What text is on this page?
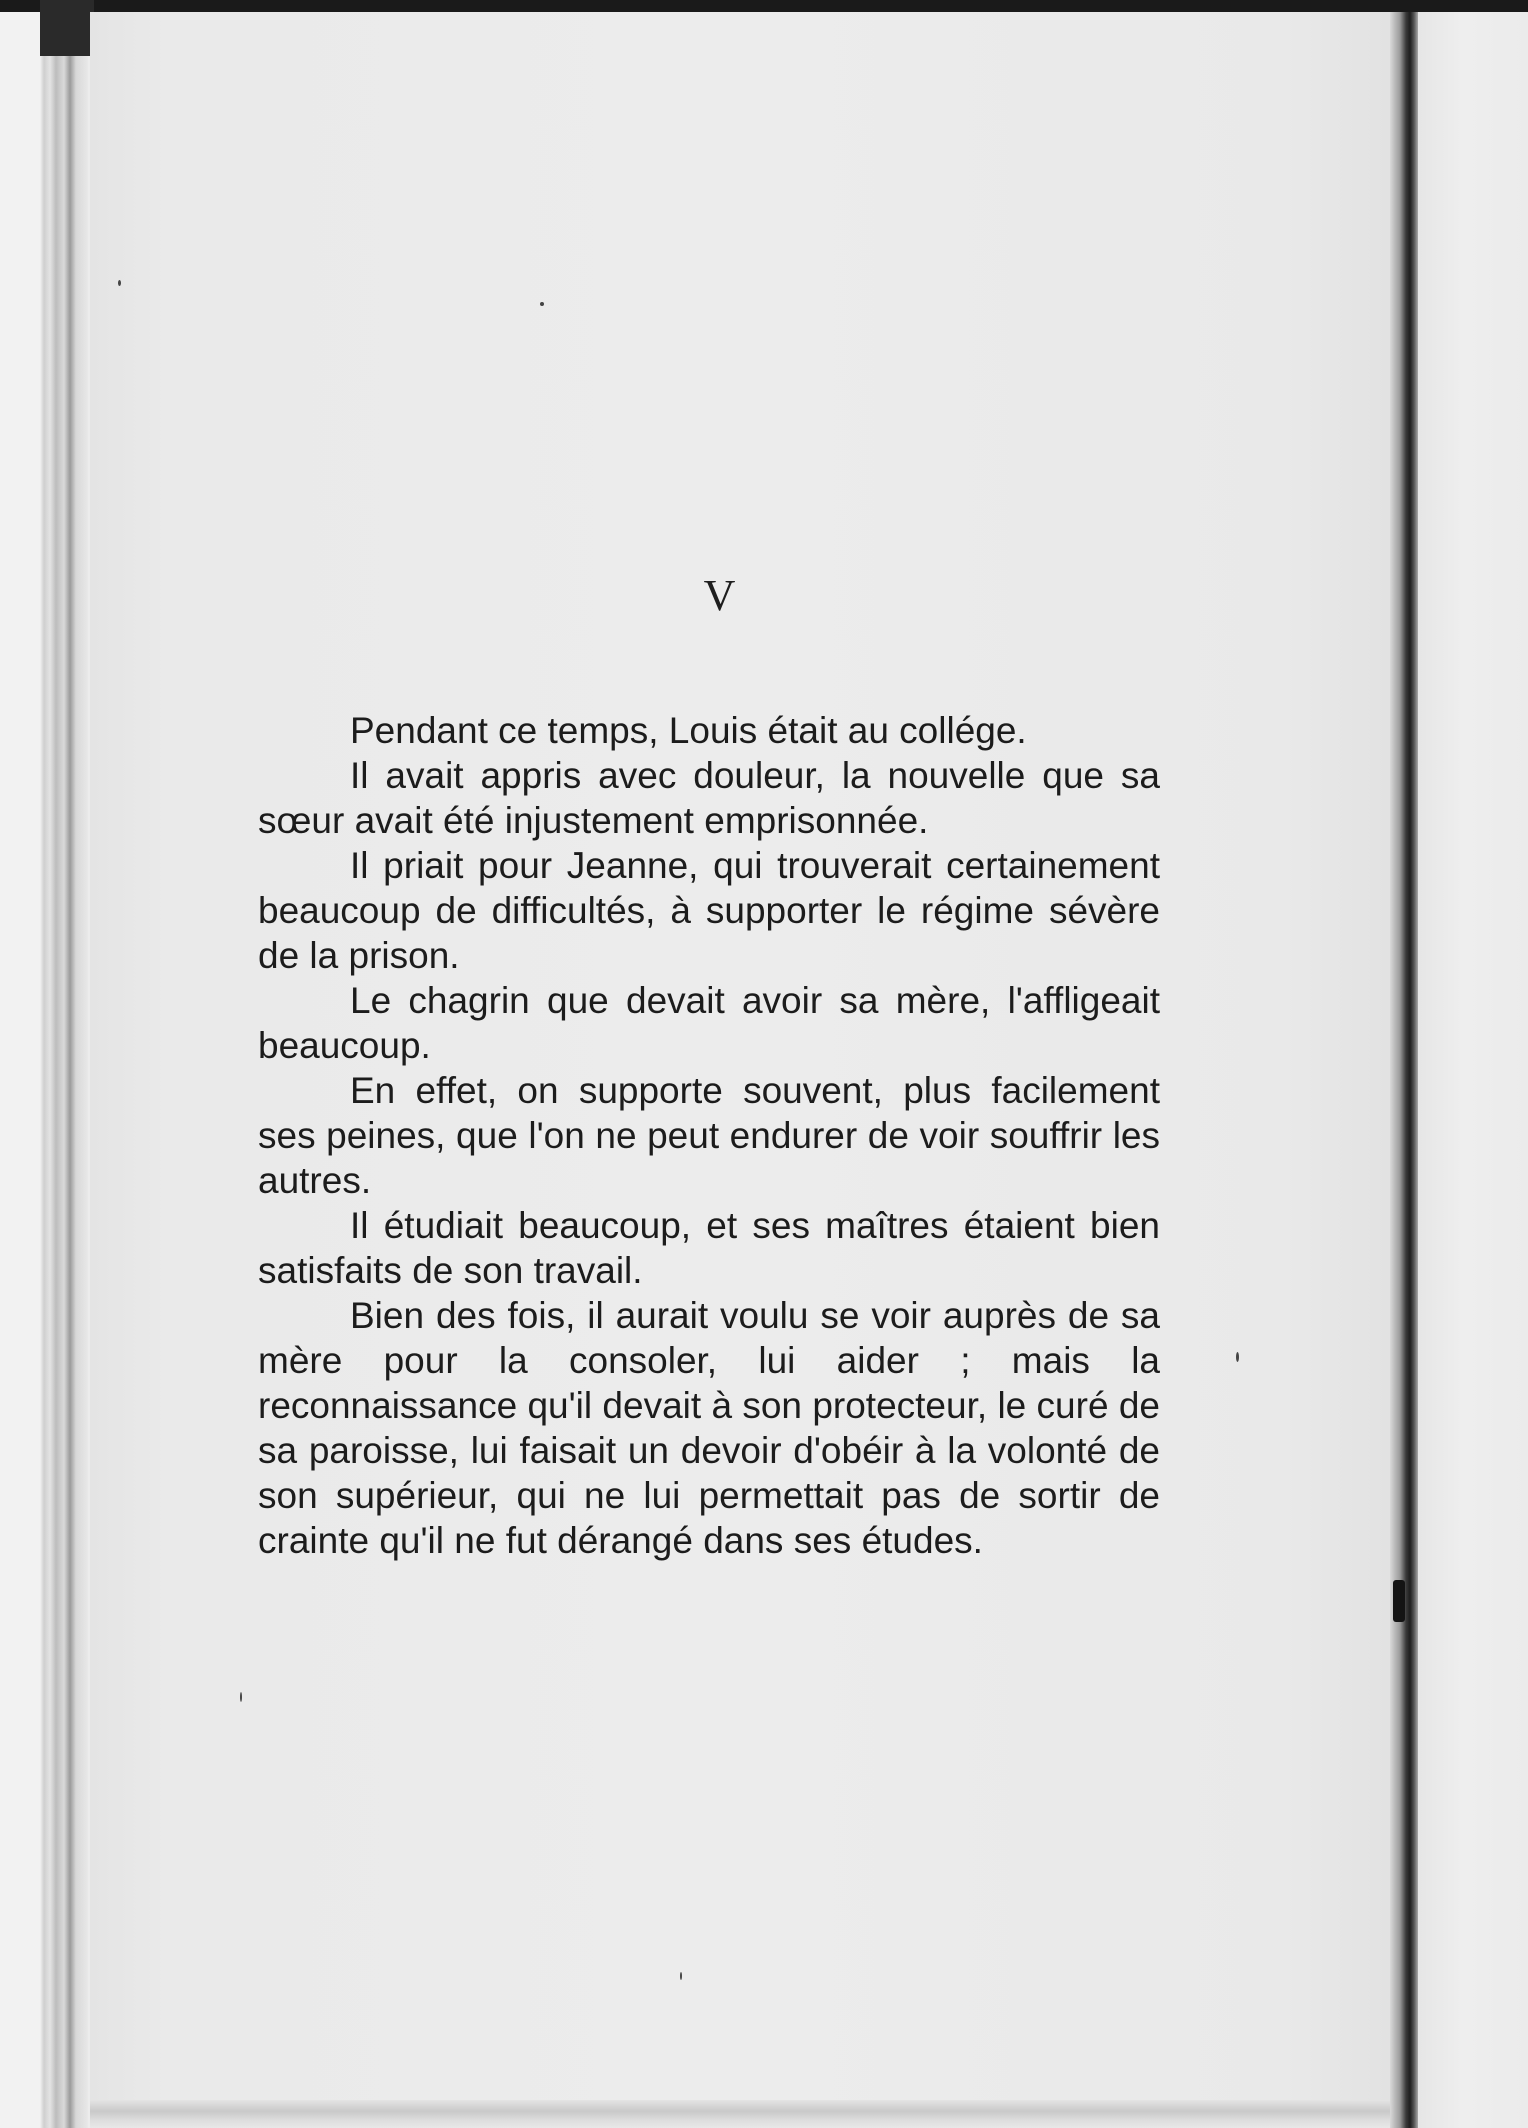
V

Pendant ce temps, Louis était au collége.

Il avait appris avec douleur, la nouvelle que sa sœur avait été injustement emprisonnée.

Il priait pour Jeanne, qui trouverait certainement beaucoup de difficultés, à supporter le régime sévère de la prison.

Le chagrin que devait avoir sa mère, l'affligeait beaucoup.

En effet, on supporte souvent, plus facilement ses peines, que l'on ne peut endurer de voir souffrir les autres.

Il étudiait beaucoup, et ses maîtres étaient bien satisfaits de son travail.

Bien des fois, il aurait voulu se voir auprès de sa mère pour la consoler, lui aider ; mais la reconnaissance qu'il devait à son protecteur, le curé de sa paroisse, lui faisait un devoir d'obéir à la volonté de son supérieur, qui ne lui permettait pas de sortir de crainte qu'il ne fut dérangé dans ses études.
